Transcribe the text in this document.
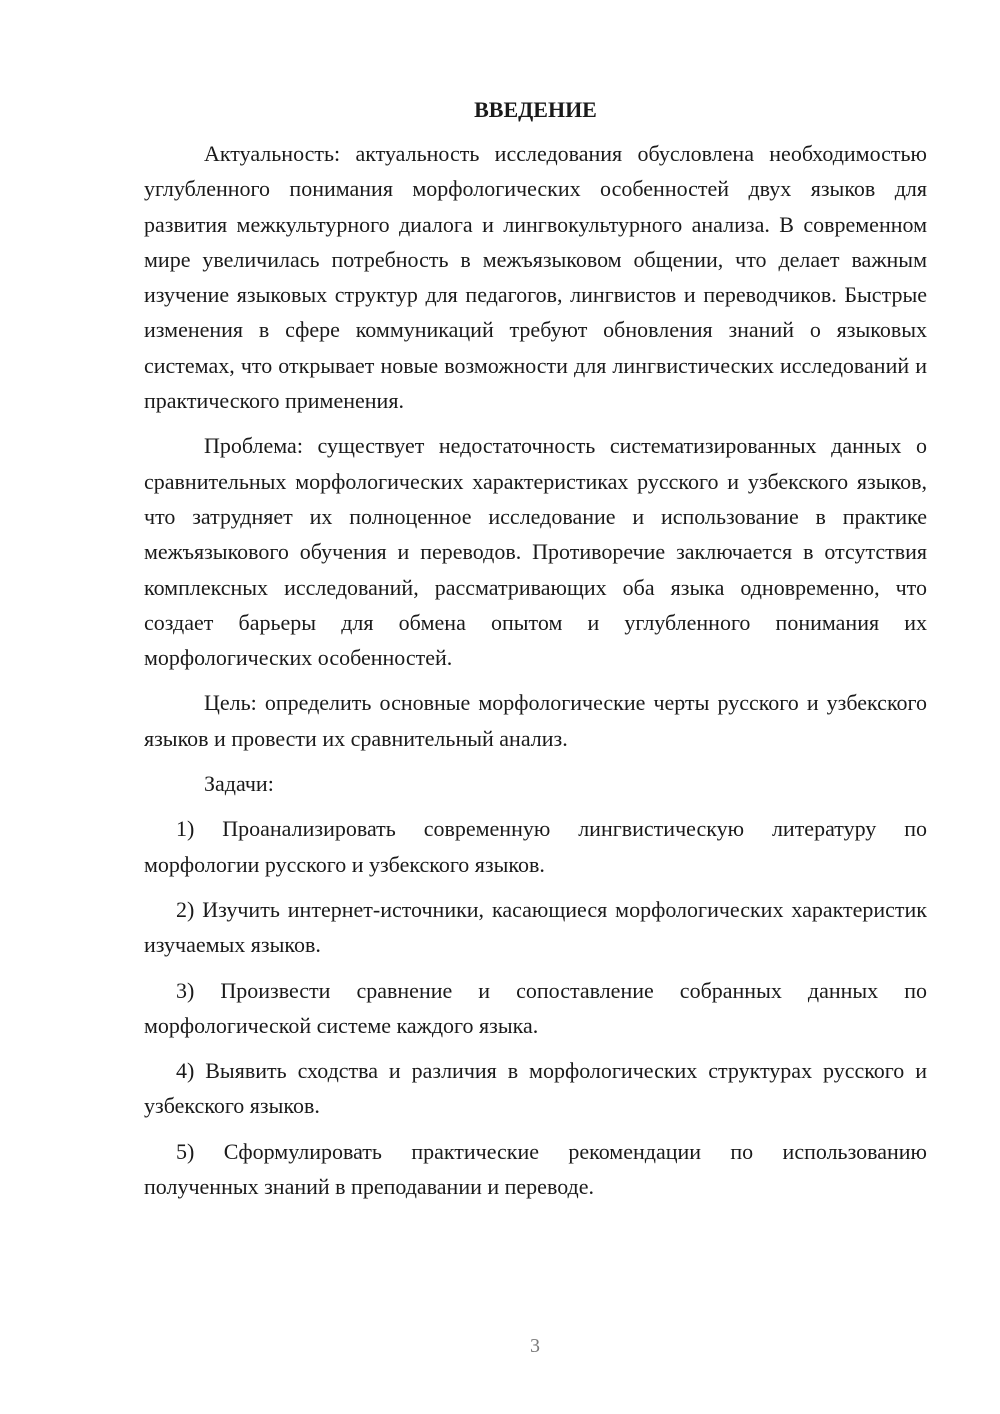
ВВЕДЕНИЕ

Актуальность: актуальность исследования обусловлена необходимостью углубленного понимания морфологических особенностей двух языков для развития межкультурного диалога и лингвокультурного анализа. В современном мире увеличилась потребность в межъязыковом общении, что делает важным изучение языковых структур для педагогов, лингвистов и переводчиков. Быстрые изменения в сфере коммуникаций требуют обновления знаний о языковых системах, что открывает новые возможности для лингвистических исследований и практического применения.

Проблема: существует недостаточность систематизированных данных о сравнительных морфологических характеристиках русского и узбекского языков, что затрудняет их полноценное исследование и использование в практике межъязыкового обучения и переводов. Противоречие заключается в отсутствия комплексных исследований, рассматривающих оба языка одновременно, что создает барьеры для обмена опытом и углубленного понимания их морфологических особенностей.

Цель: определить основные морфологические черты русского и узбекского языков и провести их сравнительный анализ.

Задачи:

1) Проанализировать современную лингвистическую литературу по морфологии русского и узбекского языков.

2) Изучить интернет-источники, касающиеся морфологических характеристик изучаемых языков.

3) Произвести сравнение и сопоставление собранных данных по морфологической системе каждого языка.

4) Выявить сходства и различия в морфологических структурах русского и узбекского языков.

5) Сформулировать практические рекомендации по использованию полученных знаний в преподавании и переводе.

3
